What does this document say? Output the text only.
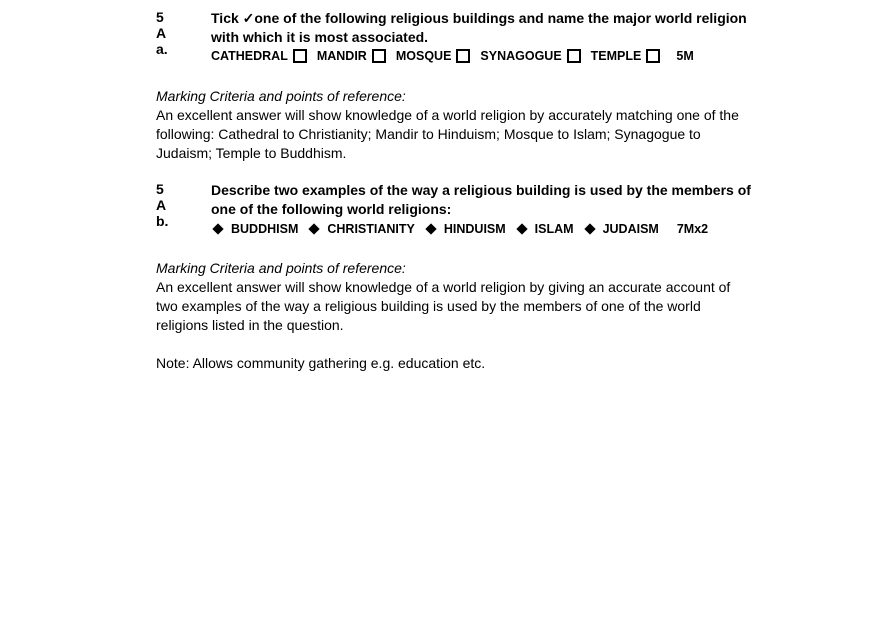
5 A a.
Tick ✓one of the following religious buildings and name the major world religion
with which it is most associated.
CATHEDRAL MANDIR MOSQUE SYNAGOGUE TEMPLE	5M
Marking Criteria and points of reference:
An excellent answer will show knowledge of a world religion by accurately matching one of the following: Cathedral to Christianity; Mandir to Hinduism; Mosque to Islam; Synagogue to Judaism; Temple to Buddhism.
5 A b.
Describe two examples of the way a religious building is used by the members of
one of the following world religions:
BUDDHISM CHRISTIANITY HINDUISM ISLAM JUDAISM 7Mx2
Marking Criteria and points of reference:
An excellent answer will show knowledge of a world religion by giving an accurate account of two examples of the way a religious building is used by the members of one of the world religions listed in the question.
Note: Allows community gathering e.g. education etc.
